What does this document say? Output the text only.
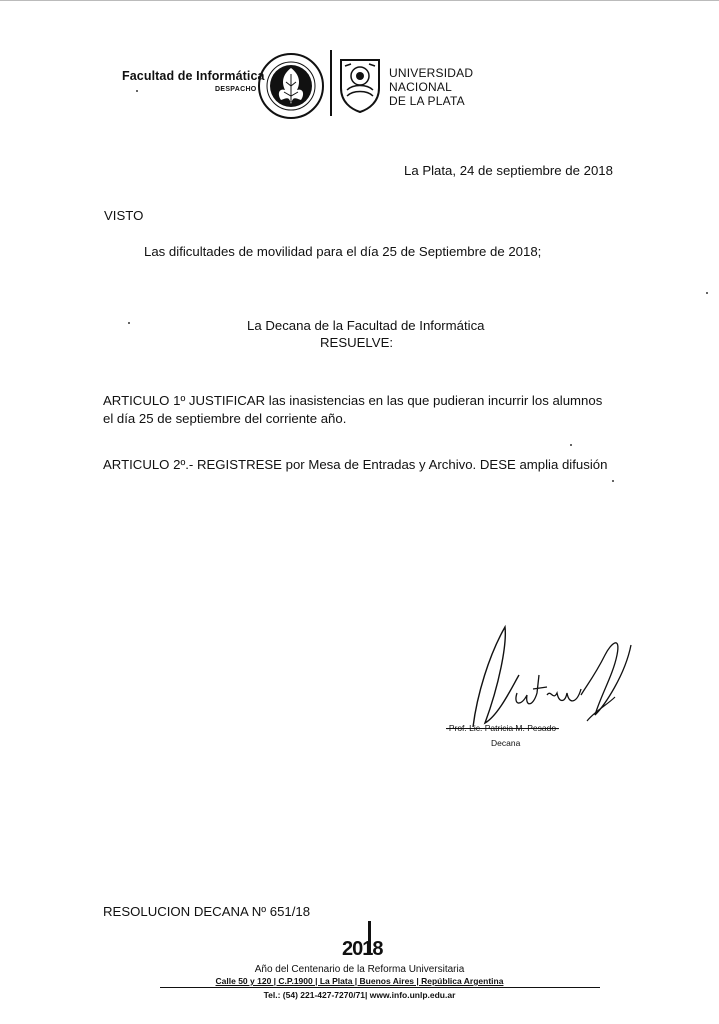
Facultad de Informática
DESPACHO
UNIVERSIDAD
NACIONAL
DE LA PLATA
La Plata, 24 de septiembre de 2018
VISTO
Las dificultades de movilidad para el día 25 de Septiembre de 2018;
La Decana de la Facultad de Informática
RESUELVE:
ARTICULO 1º JUSTIFICAR las inasistencias en las que pudieran incurrir los alumnos
el día 25 de septiembre del corriente año.
ARTICULO 2º.- REGISTRESE por Mesa de Entradas y Archivo. DESE amplia difusión
-Prof. Lic. Patricia M. Pesado-
Decana
RESOLUCION DECANA Nº 651/18
2018
Año del Centenario de la Reforma Universitaria
Calle 50 y 120 | C.P.1900 | La Plata | Buenos Aires | República Argentina
Tel.: (54) 221-427-7270/71| www.info.unlp.edu.ar
